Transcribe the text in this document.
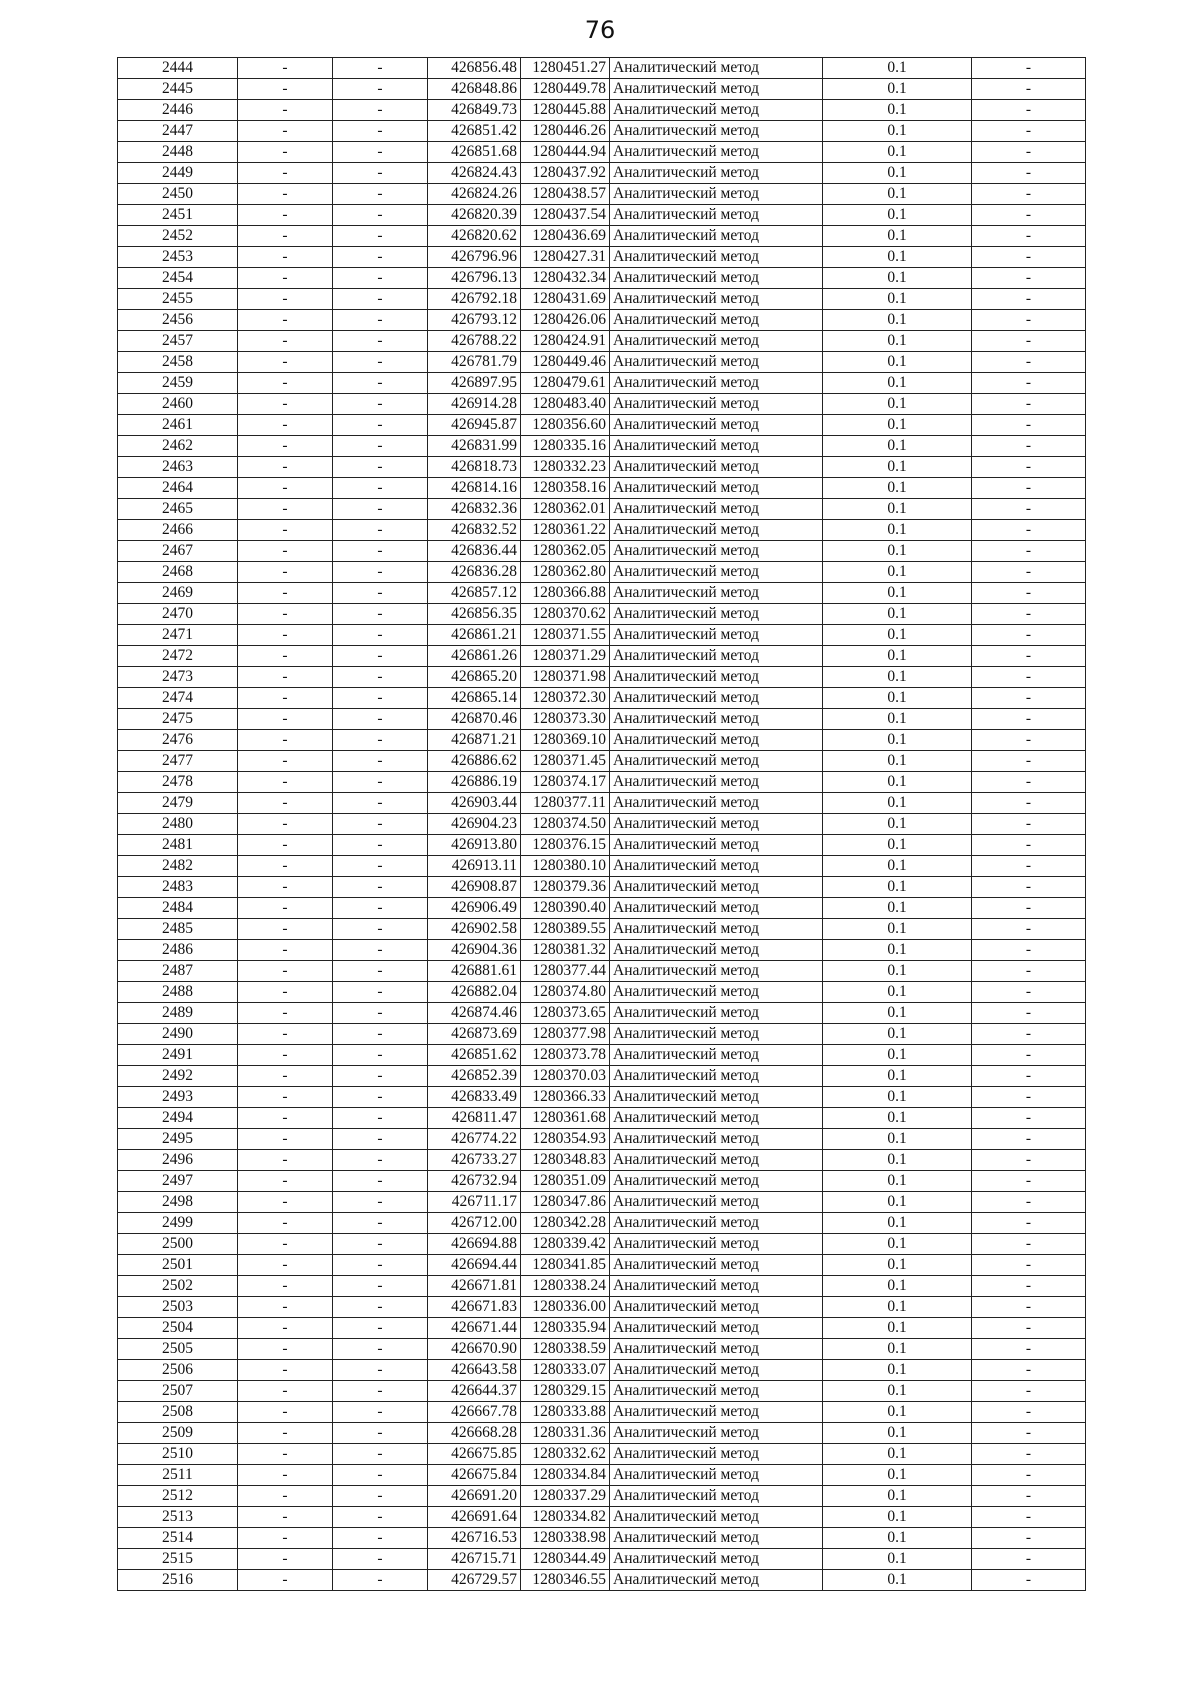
76
2444	-	-	426856.48	1280451.27	Аналитический метод	0.1	-
2445	-	-	426848.86	1280449.78	Аналитический метод	0.1	-
2446	-	-	426849.73	1280445.88	Аналитический метод	0.1	-
2447	-	-	426851.42	1280446.26	Аналитический метод	0.1	-
2448	-	-	426851.68	1280444.94	Аналитический метод	0.1	-
2449	-	-	426824.43	1280437.92	Аналитический метод	0.1	-
2450	-	-	426824.26	1280438.57	Аналитический метод	0.1	-
2451	-	-	426820.39	1280437.54	Аналитический метод	0.1	-
2452	-	-	426820.62	1280436.69	Аналитический метод	0.1	-
2453	-	-	426796.96	1280427.31	Аналитический метод	0.1	-
2454	-	-	426796.13	1280432.34	Аналитический метод	0.1	-
2455	-	-	426792.18	1280431.69	Аналитический метод	0.1	-
2456	-	-	426793.12	1280426.06	Аналитический метод	0.1	-
2457	-	-	426788.22	1280424.91	Аналитический метод	0.1	-
2458	-	-	426781.79	1280449.46	Аналитический метод	0.1	-
2459	-	-	426897.95	1280479.61	Аналитический метод	0.1	-
2460	-	-	426914.28	1280483.40	Аналитический метод	0.1	-
2461	-	-	426945.87	1280356.60	Аналитический метод	0.1	-
2462	-	-	426831.99	1280335.16	Аналитический метод	0.1	-
2463	-	-	426818.73	1280332.23	Аналитический метод	0.1	-
2464	-	-	426814.16	1280358.16	Аналитический метод	0.1	-
2465	-	-	426832.36	1280362.01	Аналитический метод	0.1	-
2466	-	-	426832.52	1280361.22	Аналитический метод	0.1	-
2467	-	-	426836.44	1280362.05	Аналитический метод	0.1	-
2468	-	-	426836.28	1280362.80	Аналитический метод	0.1	-
2469	-	-	426857.12	1280366.88	Аналитический метод	0.1	-
2470	-	-	426856.35	1280370.62	Аналитический метод	0.1	-
2471	-	-	426861.21	1280371.55	Аналитический метод	0.1	-
2472	-	-	426861.26	1280371.29	Аналитический метод	0.1	-
2473	-	-	426865.20	1280371.98	Аналитический метод	0.1	-
2474	-	-	426865.14	1280372.30	Аналитический метод	0.1	-
2475	-	-	426870.46	1280373.30	Аналитический метод	0.1	-
2476	-	-	426871.21	1280369.10	Аналитический метод	0.1	-
2477	-	-	426886.62	1280371.45	Аналитический метод	0.1	-
2478	-	-	426886.19	1280374.17	Аналитический метод	0.1	-
2479	-	-	426903.44	1280377.11	Аналитический метод	0.1	-
2480	-	-	426904.23	1280374.50	Аналитический метод	0.1	-
2481	-	-	426913.80	1280376.15	Аналитический метод	0.1	-
2482	-	-	426913.11	1280380.10	Аналитический метод	0.1	-
2483	-	-	426908.87	1280379.36	Аналитический метод	0.1	-
2484	-	-	426906.49	1280390.40	Аналитический метод	0.1	-
2485	-	-	426902.58	1280389.55	Аналитический метод	0.1	-
2486	-	-	426904.36	1280381.32	Аналитический метод	0.1	-
2487	-	-	426881.61	1280377.44	Аналитический метод	0.1	-
2488	-	-	426882.04	1280374.80	Аналитический метод	0.1	-
2489	-	-	426874.46	1280373.65	Аналитический метод	0.1	-
2490	-	-	426873.69	1280377.98	Аналитический метод	0.1	-
2491	-	-	426851.62	1280373.78	Аналитический метод	0.1	-
2492	-	-	426852.39	1280370.03	Аналитический метод	0.1	-
2493	-	-	426833.49	1280366.33	Аналитический метод	0.1	-
2494	-	-	426811.47	1280361.68	Аналитический метод	0.1	-
2495	-	-	426774.22	1280354.93	Аналитический метод	0.1	-
2496	-	-	426733.27	1280348.83	Аналитический метод	0.1	-
2497	-	-	426732.94	1280351.09	Аналитический метод	0.1	-
2498	-	-	426711.17	1280347.86	Аналитический метод	0.1	-
2499	-	-	426712.00	1280342.28	Аналитический метод	0.1	-
2500	-	-	426694.88	1280339.42	Аналитический метод	0.1	-
2501	-	-	426694.44	1280341.85	Аналитический метод	0.1	-
2502	-	-	426671.81	1280338.24	Аналитический метод	0.1	-
2503	-	-	426671.83	1280336.00	Аналитический метод	0.1	-
2504	-	-	426671.44	1280335.94	Аналитический метод	0.1	-
2505	-	-	426670.90	1280338.59	Аналитический метод	0.1	-
2506	-	-	426643.58	1280333.07	Аналитический метод	0.1	-
2507	-	-	426644.37	1280329.15	Аналитический метод	0.1	-
2508	-	-	426667.78	1280333.88	Аналитический метод	0.1	-
2509	-	-	426668.28	1280331.36	Аналитический метод	0.1	-
2510	-	-	426675.85	1280332.62	Аналитический метод	0.1	-
2511	-	-	426675.84	1280334.84	Аналитический метод	0.1	-
2512	-	-	426691.20	1280337.29	Аналитический метод	0.1	-
2513	-	-	426691.64	1280334.82	Аналитический метод	0.1	-
2514	-	-	426716.53	1280338.98	Аналитический метод	0.1	-
2515	-	-	426715.71	1280344.49	Аналитический метод	0.1	-
2516	-	-	426729.57	1280346.55	Аналитический метод	0.1	-
